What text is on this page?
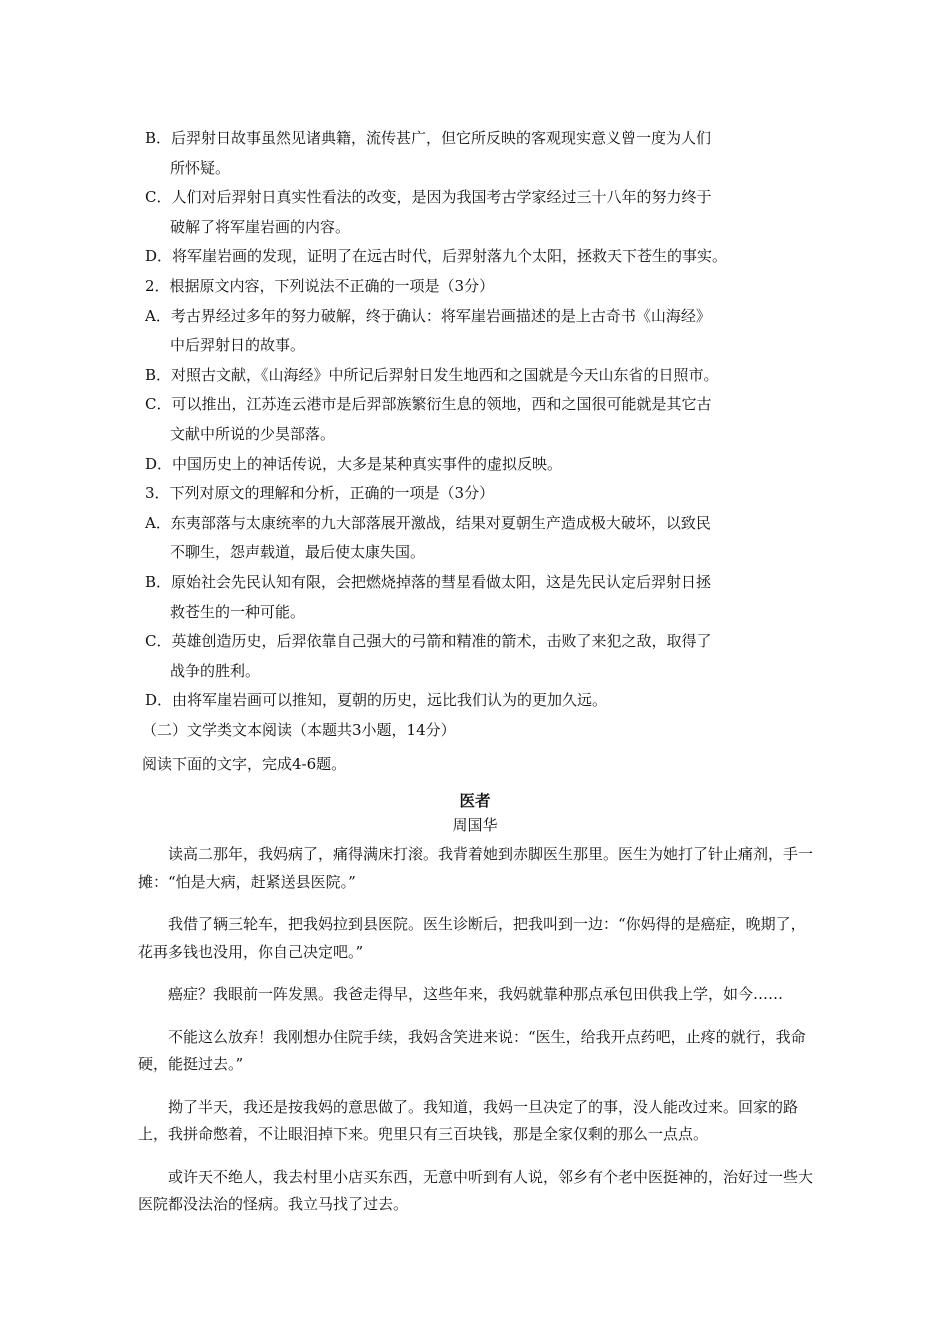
B．后羿射日故事虽然见诸典籍，流传甚广，但它所反映的客观现实意义曾一度为人们
所怀疑。
C．人们对后羿射日真实性看法的改变，是因为我国考古学家经过三十八年的努力终于
破解了将军崖岩画的内容。
D．将军崖岩画的发现，证明了在远古时代，后羿射落九个太阳，拯救天下苍生的事实。
2．根据原文内容，下列说法不正确的一项是（3分）
A．考古界经过多年的努力破解，终于确认：将军崖岩画描述的是上古奇书《山海经》
中后羿射日的故事。
B．对照古文献，《山海经》中所记后羿射日发生地西和之国就是今天山东省的日照市。
C．可以推出，江苏连云港市是后羿部族繁衍生息的领地，西和之国很可能就是其它古
文献中所说的少昊部落。
D．中国历史上的神话传说，大多是某种真实事件的虚拟反映。
3．下列对原文的理解和分析，正确的一项是（3分）
A．东夷部落与太康统率的九大部落展开激战，结果对夏朝生产造成极大破坏，以致民
不聊生，怨声载道，最后使太康失国。
B．原始社会先民认知有限，会把燃烧掉落的彗星看做太阳，这是先民认定后羿射日拯
救苍生的一种可能。
C．英雄创造历史，后羿依靠自己强大的弓箭和精准的箭术，击败了来犯之敌，取得了
战争的胜利。
D．由将军崖岩画可以推知，夏朝的历史，远比我们认为的更加久远。
（二）文学类文本阅读（本题共3小题，14分）
阅读下面的文字，完成4-6题。
医者
周国华

读高二那年，我妈病了，痛得满床打滚。我背着她到赤脚医生那里。医生为她打了针止痛剂，手一摊：“怕是大病，赶紧送县医院。”

我借了辆三轮车，把我妈拉到县医院。医生诊断后，把我叫到一边：“你妈得的是癌症，晚期了，花再多钱也没用，你自己决定吧。”

癌症？我眼前一阵发黑。我爸走得早，这些年来，我妈就靠种那点承包田供我上学，如今……

不能这么放弃！我刚想办住院手续，我妈含笑进来说：“医生，给我开点药吧，止疼的就行，我命硬，能挺过去。”

拗了半天，我还是按我妈的意思做了。我知道，我妈一旦决定了的事，没人能改过来。回家的路上，我拼命憋着，不让眼泪掉下来。兜里只有三百块钱，那是全家仅剩的那么一点点。

或许天不绝人，我去村里小店买东西，无意中听到有人说，邻乡有个老中医挺神的，治好过一些大医院都没法治的怪病。我立马找了过去。
